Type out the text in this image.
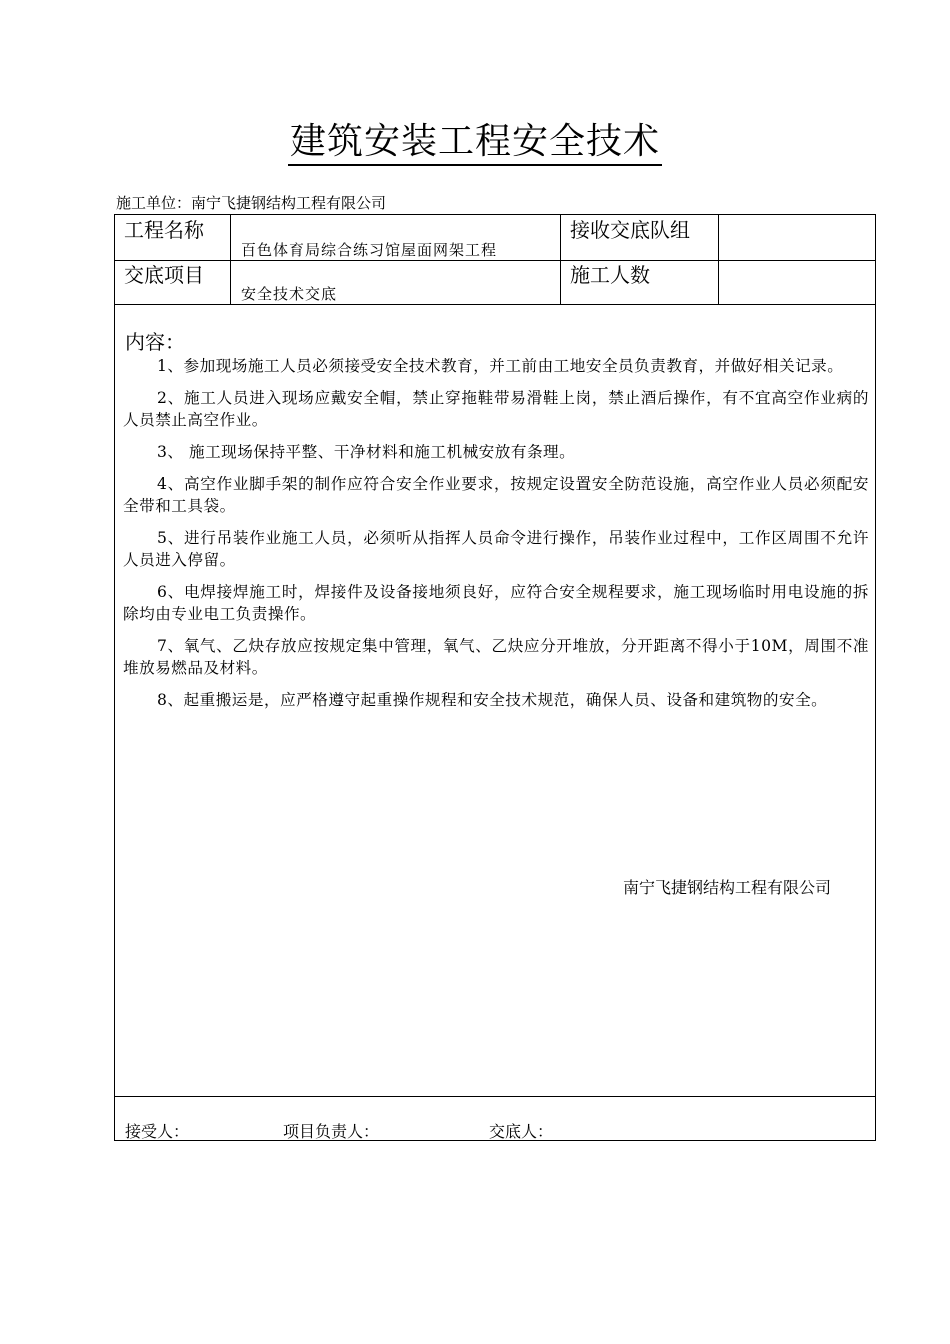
建筑安装工程安全技术
施工单位：南宁飞捷钢结构工程有限公司
工程名称
百色体育局综合练习馆屋面网架工程
接收交底队组
交底项目
安全技术交底
施工人数
内容：

1、参加现场施工人员必须接受安全技术教育，并工前由工地安全员负责教育，并做好相关记录。

2、施工人员进入现场应戴安全帽，禁止穿拖鞋带易滑鞋上岗，禁止酒后操作，有不宜高空作业病的人员禁止高空作业。

3、 施工现场保持平整、干净材料和施工机械安放有条理。

4、高空作业脚手架的制作应符合安全作业要求，按规定设置安全防范设施，高空作业人员必须配安全带和工具袋。

5、进行吊装作业施工人员，必须听从指挥人员命令进行操作，吊装作业过程中，工作区周围不允许人员进入停留。

6、电焊接焊施工时，焊接件及设备接地须良好，应符合安全规程要求，施工现场临时用电设施的拆除均由专业电工负责操作。

7、氧气、乙炔存放应按规定集中管理，氧气、乙炔应分开堆放，分开距离不得小于10M，周围不准堆放易燃品及材料。

8、起重搬运是，应严格遵守起重操作规程和安全技术规范，确保人员、设备和建筑物的安全。

南宁飞捷钢结构工程有限公司
接受人：	项目负责人：	交底人：
